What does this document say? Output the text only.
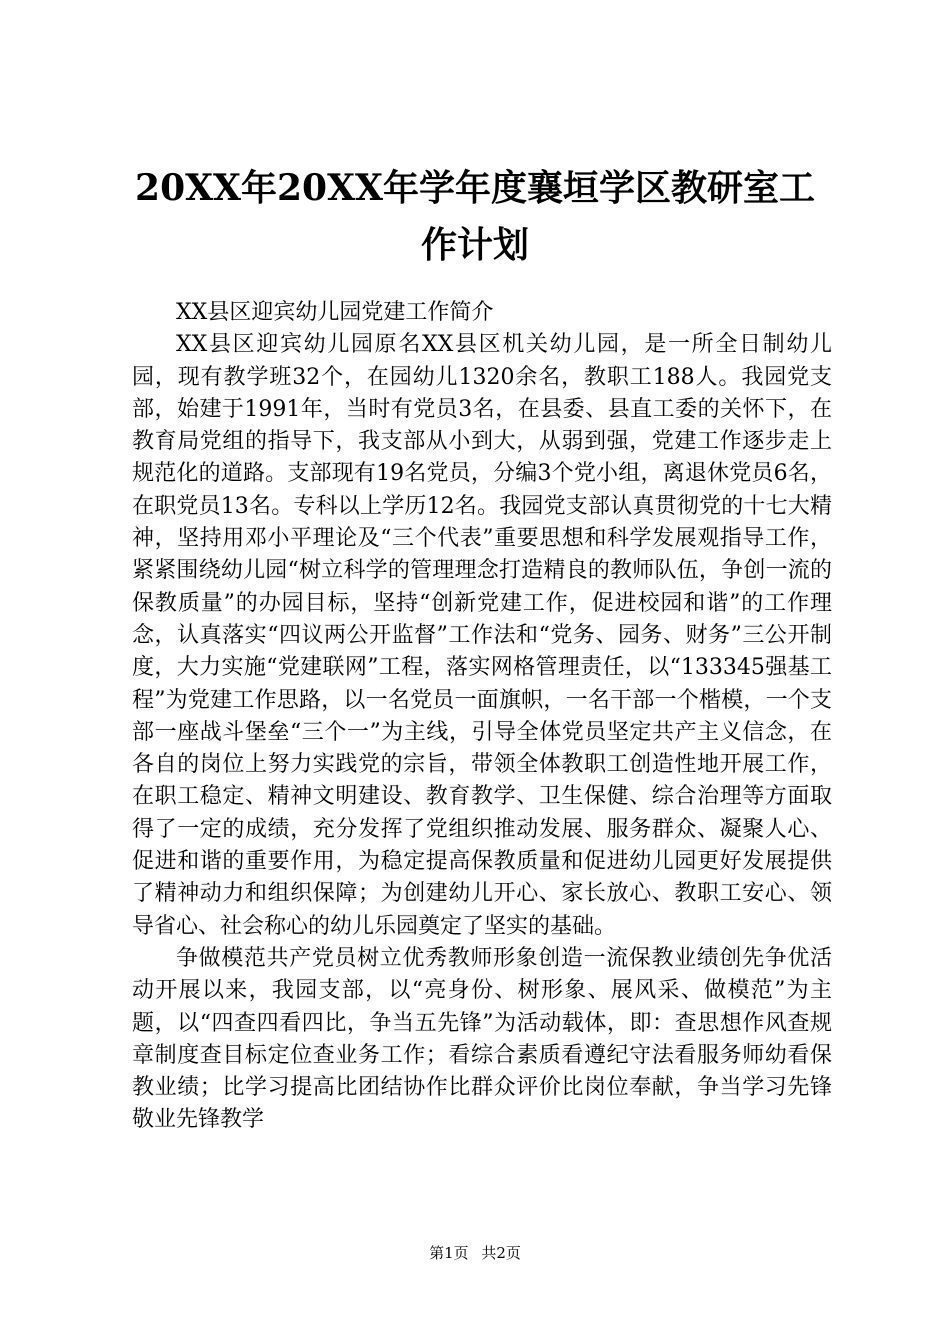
20XX年20XX年学年度襄垣学区教研室工作计划

XX县区迎宾幼儿园党建工作简介

XX县区迎宾幼儿园原名XX县区机关幼儿园，是一所全日制幼儿园，现有教学班32个，在园幼儿1320余名，教职工188人。我园党支部，始建于1991年，当时有党员3名，在县委、县直工委的关怀下，在教育局党组的指导下，我支部从小到大，从弱到强，党建工作逐步走上规范化的道路。支部现有19名党员，分编3个党小组，离退休党员6名，在职党员13名。专科以上学历12名。我园党支部认真贯彻党的十七大精神，坚持用邓小平理论及“三个代表”重要思想和科学发展观指导工作，紧紧围绕幼儿园“树立科学的管理理念打造精良的教师队伍，争创一流的保教质量”的办园目标，坚持“创新党建工作，促进校园和谐”的工作理念，认真落实“四议两公开监督”工作法和“党务、园务、财务”三公开制度，大力实施“党建联网”工程，落实网格管理责任，以“133345强基工程”为党建工作思路，以一名党员一面旗帜，一名干部一个楷模，一个支部一座战斗堡垒“三个一”为主线，引导全体党员坚定共产主义信念，在各自的岗位上努力实践党的宗旨，带领全体教职工创造性地开展工作，在职工稳定、精神文明建设、教育教学、卫生保健、综合治理等方面取得了一定的成绩，充分发挥了党组织推动发展、服务群众、凝聚人心、促进和谐的重要作用，为稳定提高保教质量和促进幼儿园更好发展提供了精神动力和组织保障；为创建幼儿开心、家长放心、教职工安心、领导省心、社会称心的幼儿乐园奠定了坚实的基础。

争做模范共产党员树立优秀教师形象创造一流保教业绩创先争优活动开展以来，我园支部，以“亮身份、树形象、展风采、做模范”为主题，以“四查四看四比，争当五先锋”为活动载体，即：查思想作风查规章制度查目标定位查业务工作；看综合素质看遵纪守法看服务师幼看保教业绩；比学习提高比团结协作比群众评价比岗位奉献，争当学习先锋敬业先锋教学

第1页 共2页
